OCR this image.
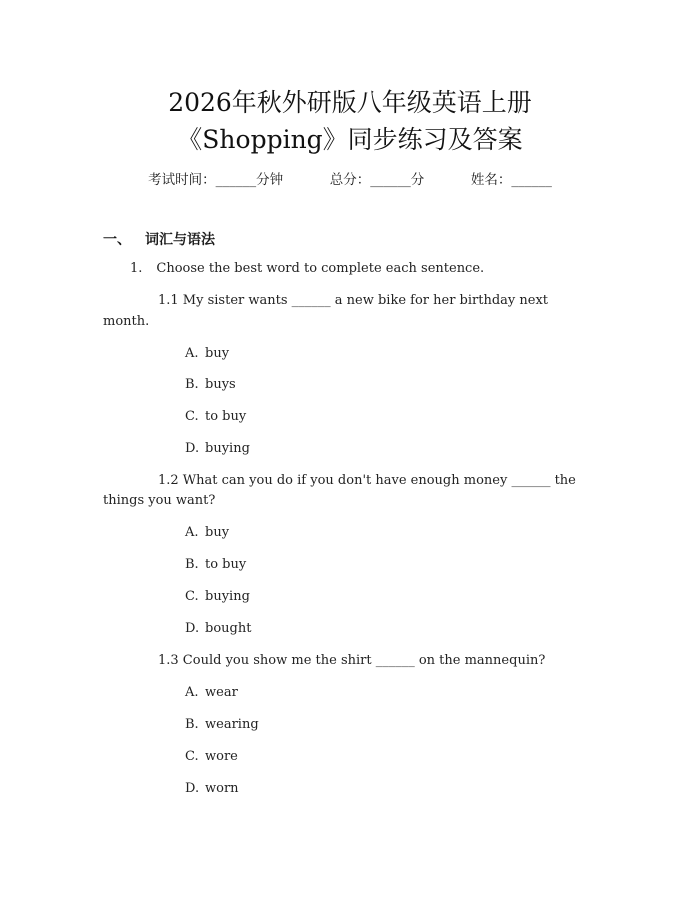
2026年秋外研版八年级英语上册
《Shopping》同步练习及答案
考试时间：______分钟	总分：______分	姓名：______
一、 词汇与语法
1. Choose the best word to complete each sentence.
1.1 My sister wants ______ a new bike for her birthday next
month.
A. buy
B. buys
C. to buy
D. buying
1.2 What can you do if you don't have enough money ______ the
things you want?
A. buy
B. to buy
C. buying
D. bought
1.3 Could you show me the shirt ______ on the mannequin?
A. wear
B. wearing
C. wore
D. worn
